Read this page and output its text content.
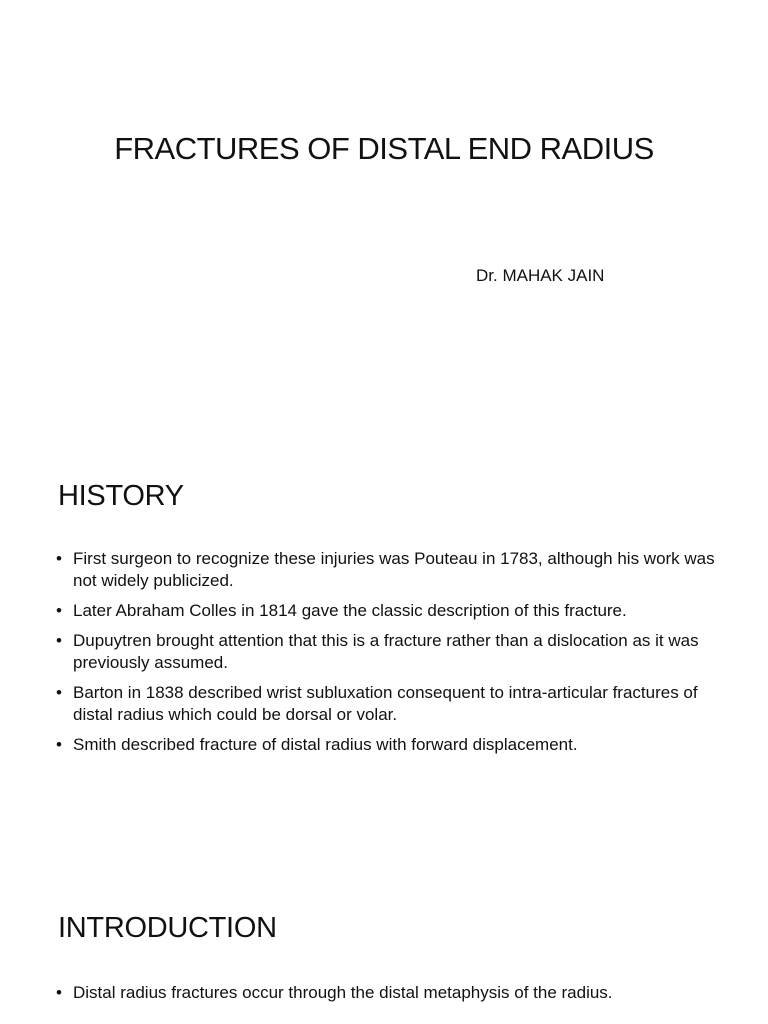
FRACTURES OF DISTAL END RADIUS

Dr. MAHAK JAIN

HISTORY
• First surgeon to recognize these injuries was Pouteau in 1783, although his work was not widely publicized.
• Later Abraham Colles in 1814 gave the classic description of this fracture.
• Dupuytren brought attention that this is a fracture rather than a dislocation as it was previously assumed.
• Barton in 1838 described wrist subluxation consequent to intra-articular fractures of distal radius which could be dorsal or volar.
• Smith described fracture of distal radius with forward displacement.
INTRODUCTION
• Distal radius fractures occur through the distal metaphysis of the radius.
